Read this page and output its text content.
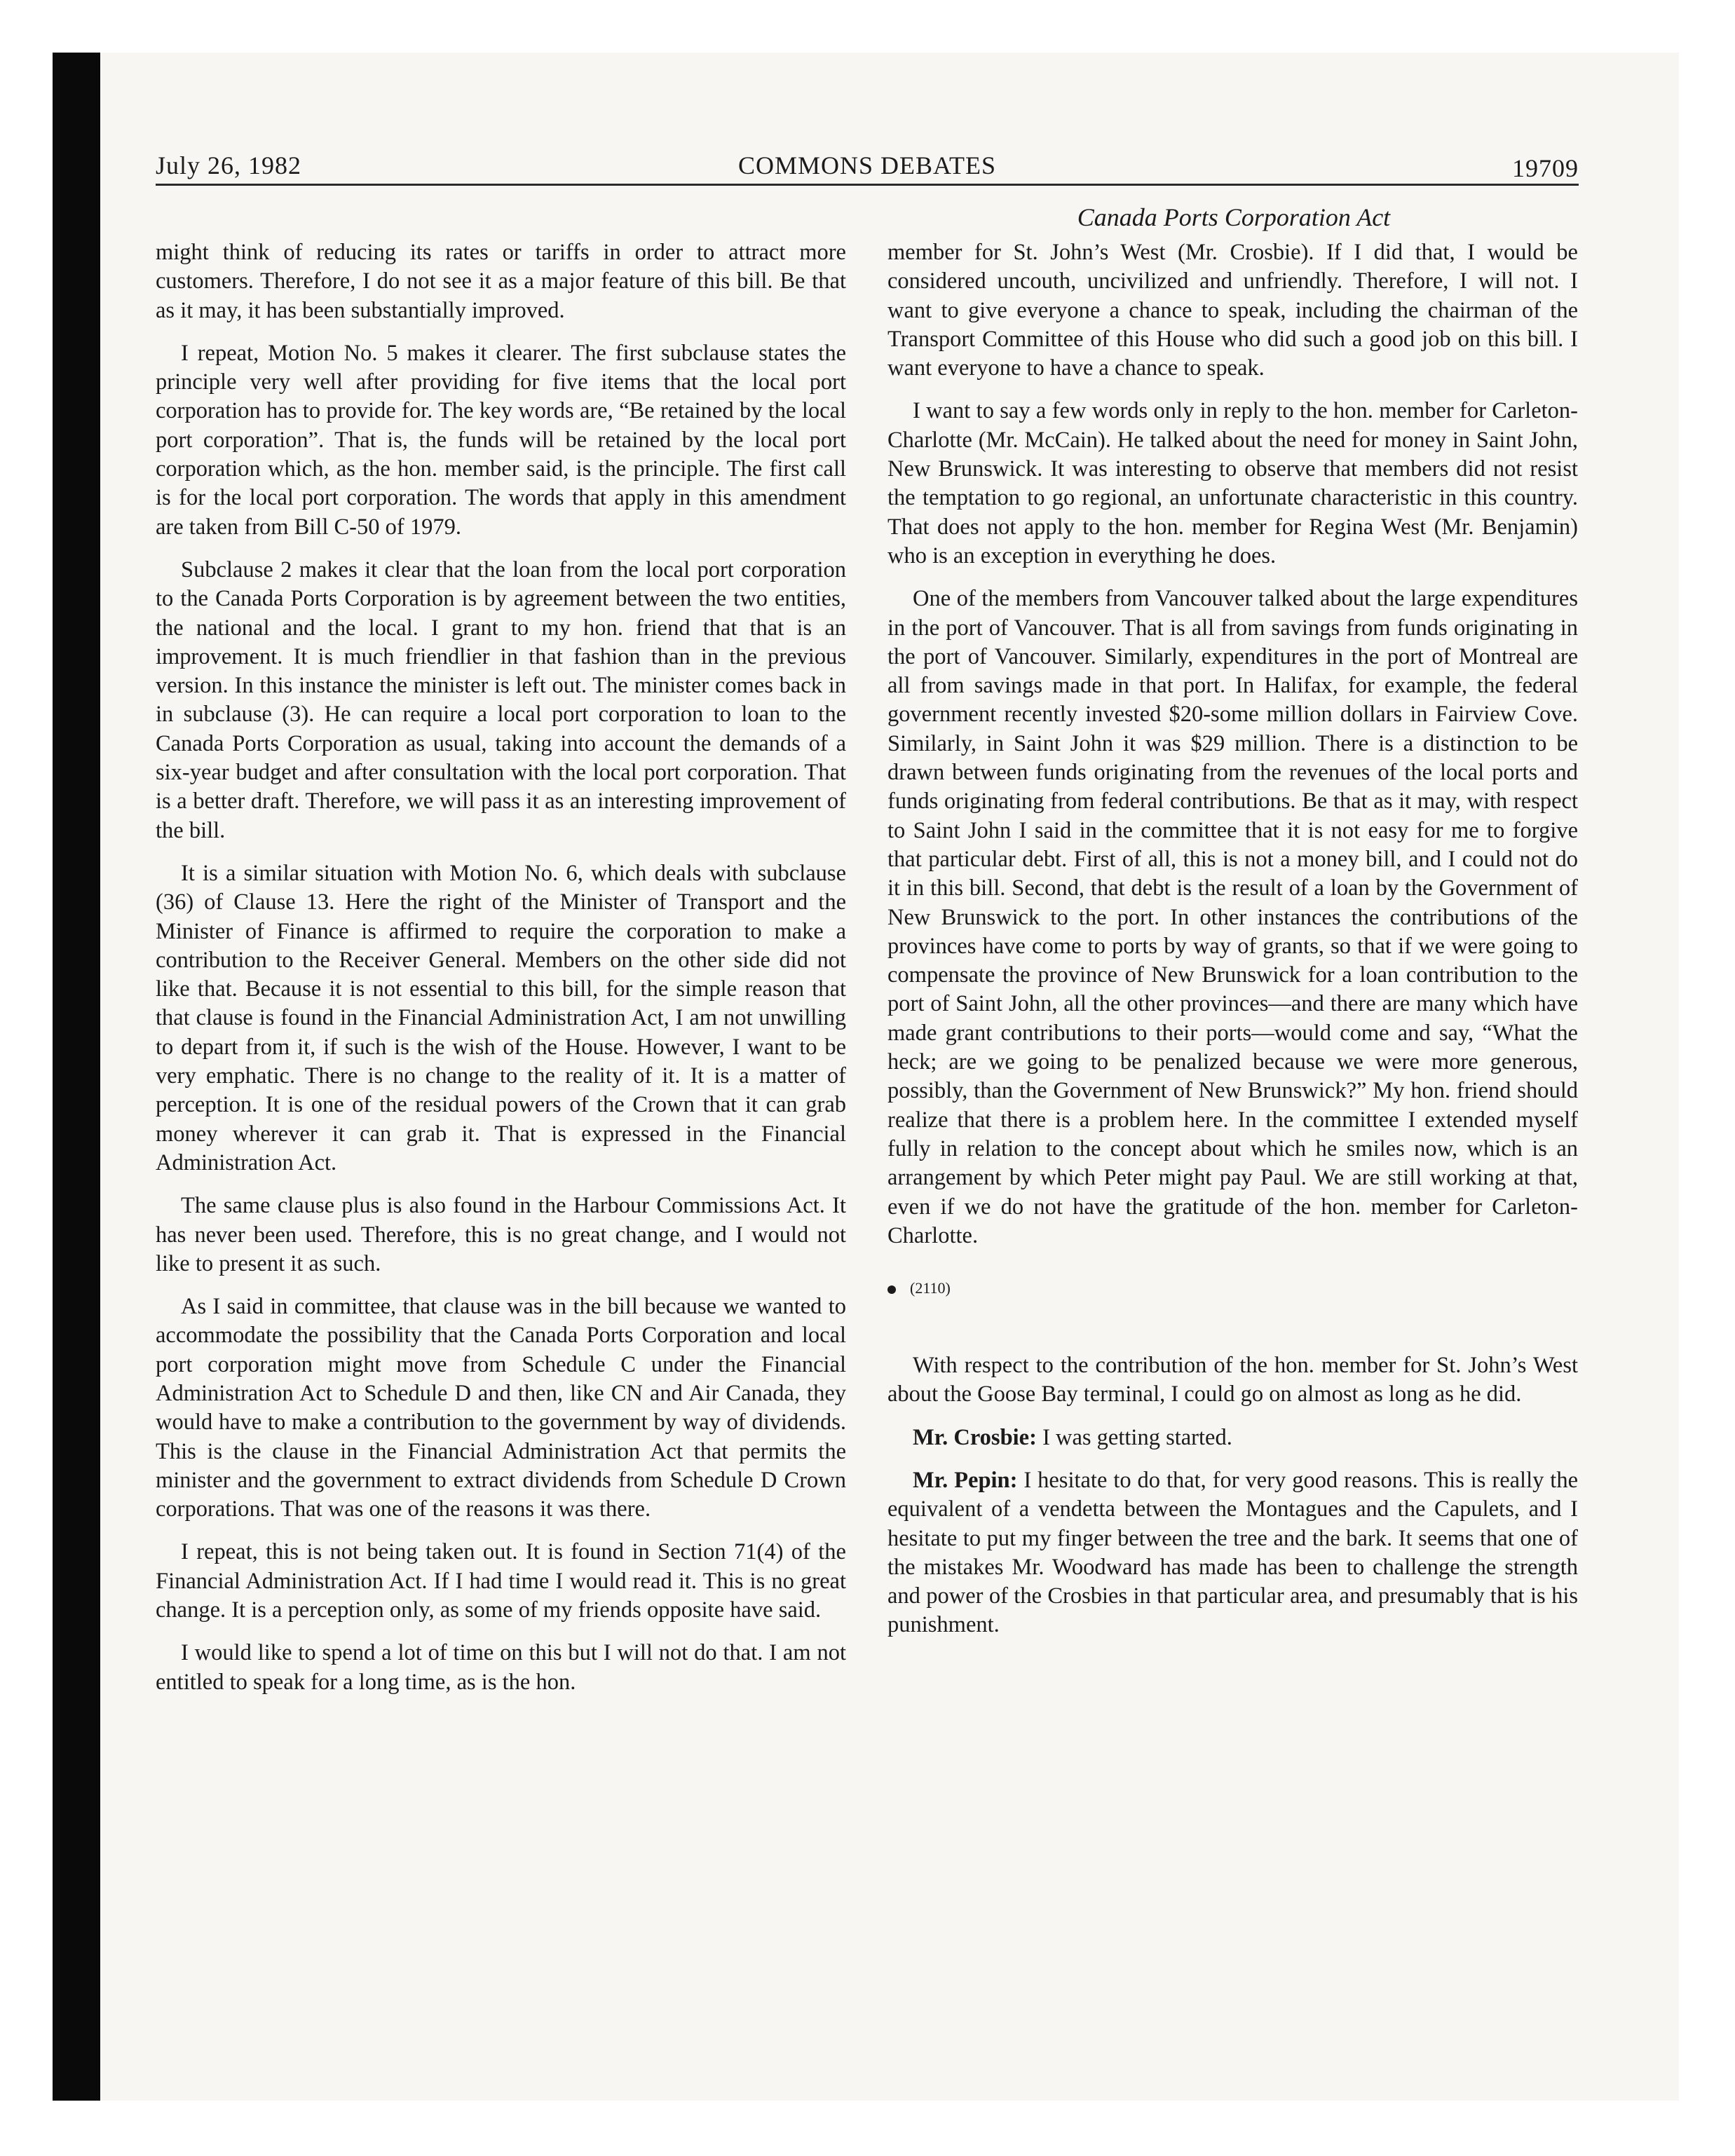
July 26, 1982	COMMONS DEBATES	19709
Canada Ports Corporation Act

might think of reducing its rates or tariffs in order to attract more customers. Therefore, I do not see it as a major feature of this bill. Be that as it may, it has been substantially improved.

I repeat, Motion No. 5 makes it clearer. The first subclause states the principle very well after providing for five items that the local port corporation has to provide for. The key words are, “Be retained by the local port corporation”. That is, the funds will be retained by the local port corporation which, as the hon. member said, is the principle. The first call is for the local port corporation. The words that apply in this amendment are taken from Bill C-50 of 1979.

Subclause 2 makes it clear that the loan from the local port corporation to the Canada Ports Corporation is by agreement between the two entities, the national and the local. I grant to my hon. friend that that is an improvement. It is much friendlier in that fashion than in the previous version. In this instance the minister is left out. The minister comes back in in subclause (3). He can require a local port corporation to loan to the Canada Ports Corporation as usual, taking into account the demands of a six-year budget and after consultation with the local port corporation. That is a better draft. Therefore, we will pass it as an interesting improvement of the bill.

It is a similar situation with Motion No. 6, which deals with subclause (36) of Clause 13. Here the right of the Minister of Transport and the Minister of Finance is affirmed to require the corporation to make a contribution to the Receiver General. Members on the other side did not like that. Because it is not essential to this bill, for the simple reason that that clause is found in the Financial Administration Act, I am not unwilling to depart from it, if such is the wish of the House. However, I want to be very emphatic. There is no change to the reality of it. It is a matter of perception. It is one of the residual powers of the Crown that it can grab money wherever it can grab it. That is expressed in the Financial Administration Act.

The same clause plus is also found in the Harbour Commissions Act. It has never been used. Therefore, this is no great change, and I would not like to present it as such.

As I said in committee, that clause was in the bill because we wanted to accommodate the possibility that the Canada Ports Corporation and local port corporation might move from Schedule C under the Financial Administration Act to Schedule D and then, like CN and Air Canada, they would have to make a contribution to the government by way of dividends. This is the clause in the Financial Administration Act that permits the minister and the government to extract dividends from Schedule D Crown corporations. That was one of the reasons it was there.

I repeat, this is not being taken out. It is found in Section 71(4) of the Financial Administration Act. If I had time I would read it. This is no great change. It is a perception only, as some of my friends opposite have said.

I would like to spend a lot of time on this but I will not do that. I am not entitled to speak for a long time, as is the hon.

member for St. John’s West (Mr. Crosbie). If I did that, I would be considered uncouth, uncivilized and unfriendly. Therefore, I will not. I want to give everyone a chance to speak, including the chairman of the Transport Committee of this House who did such a good job on this bill. I want everyone to have a chance to speak.

I want to say a few words only in reply to the hon. member for Carleton-Charlotte (Mr. McCain). He talked about the need for money in Saint John, New Brunswick. It was interesting to observe that members did not resist the temptation to go regional, an unfortunate characteristic in this country. That does not apply to the hon. member for Regina West (Mr. Benjamin) who is an exception in everything he does.

One of the members from Vancouver talked about the large expenditures in the port of Vancouver. That is all from savings from funds originating in the port of Vancouver. Similarly, expenditures in the port of Montreal are all from savings made in that port. In Halifax, for example, the federal government recently invested $20-some million dollars in Fairview Cove. Similarly, in Saint John it was $29 million. There is a distinction to be drawn between funds originating from the revenues of the local ports and funds originating from federal contributions. Be that as it may, with respect to Saint John I said in the committee that it is not easy for me to forgive that particular debt. First of all, this is not a money bill, and I could not do it in this bill. Second, that debt is the result of a loan by the Government of New Brunswick to the port. In other instances the contributions of the provinces have come to ports by way of grants, so that if we were going to compensate the province of New Brunswick for a loan contribution to the port of Saint John, all the other provinces—and there are many which have made grant contributions to their ports—would come and say, “What the heck; are we going to be penalized because we were more generous, possibly, than the Government of New Brunswick?” My hon. friend should realize that there is a problem here. In the committee I extended myself fully in relation to the concept about which he smiles now, which is an arrangement by which Peter might pay Paul. We are still working at that, even if we do not have the gratitude of the hon. member for Carleton-Charlotte.

(2110)

With respect to the contribution of the hon. member for St. John’s West about the Goose Bay terminal, I could go on almost as long as he did.

Mr. Crosbie: I was getting started.

Mr. Pepin: I hesitate to do that, for very good reasons. This is really the equivalent of a vendetta between the Montagues and the Capulets, and I hesitate to put my finger between the tree and the bark. It seems that one of the mistakes Mr. Woodward has made has been to challenge the strength and power of the Crosbies in that particular area, and presumably that is his punishment.
